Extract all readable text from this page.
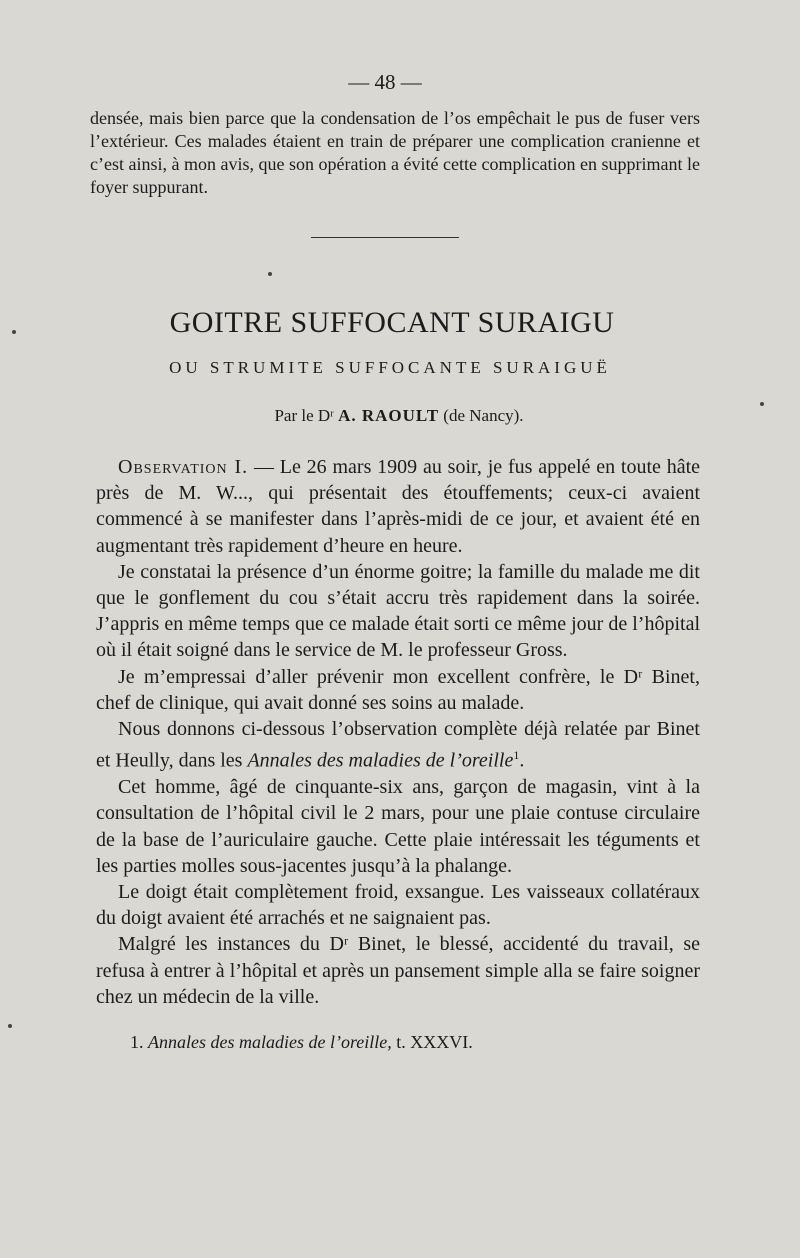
— 48 —

densée, mais bien parce que la condensation de l’os empêchait le pus de fuser vers l’extérieur. Ces malades étaient en train de préparer une complication cranienne et c’est ainsi, à mon avis, que son opération a évité cette complication en supprimant le foyer suppurant.

GOITRE SUFFOCANT SURAIGU
OU STRUMITE SUFFOCANTE SURAIGUË
Par le Dʳ A. RAOULT (de Nancy).

Observation I. — Le 26 mars 1909 au soir, je fus appelé en toute hâte près de M. W..., qui présentait des étouffements; ceux-ci avaient commencé à se manifester dans l’après-midi de ce jour, et avaient été en augmentant très rapidement d’heure en heure.

Je constatai la présence d’un énorme goitre; la famille du malade me dit que le gonflement du cou s’était accru très rapidement dans la soirée. J’appris en même temps que ce malade était sorti ce même jour de l’hôpital où il était soigné dans le service de M. le professeur Gross.

Je m’empressai d’aller prévenir mon excellent confrère, le Dʳ Binet, chef de clinique, qui avait donné ses soins au malade.

Nous donnons ci-dessous l’observation complète déjà relatée par Binet et Heully, dans les Annales des maladies de l’oreille$^1$.

Cet homme, âgé de cinquante-six ans, garçon de magasin, vint à la consultation de l’hôpital civil le 2 mars, pour une plaie contuse circulaire de la base de l’auriculaire gauche. Cette plaie intéressait les téguments et les parties molles sous-jacentes jusqu’à la phalange.

Le doigt était complètement froid, exsangue. Les vaisseaux collatéraux du doigt avaient été arrachés et ne saignaient pas.

Malgré les instances du Dʳ Binet, le blessé, accidenté du travail, se refusa à entrer à l’hôpital et après un pansement simple alla se faire soigner chez un médecin de la ville.

1. Annales des maladies de l’oreille, t. XXXVI.
